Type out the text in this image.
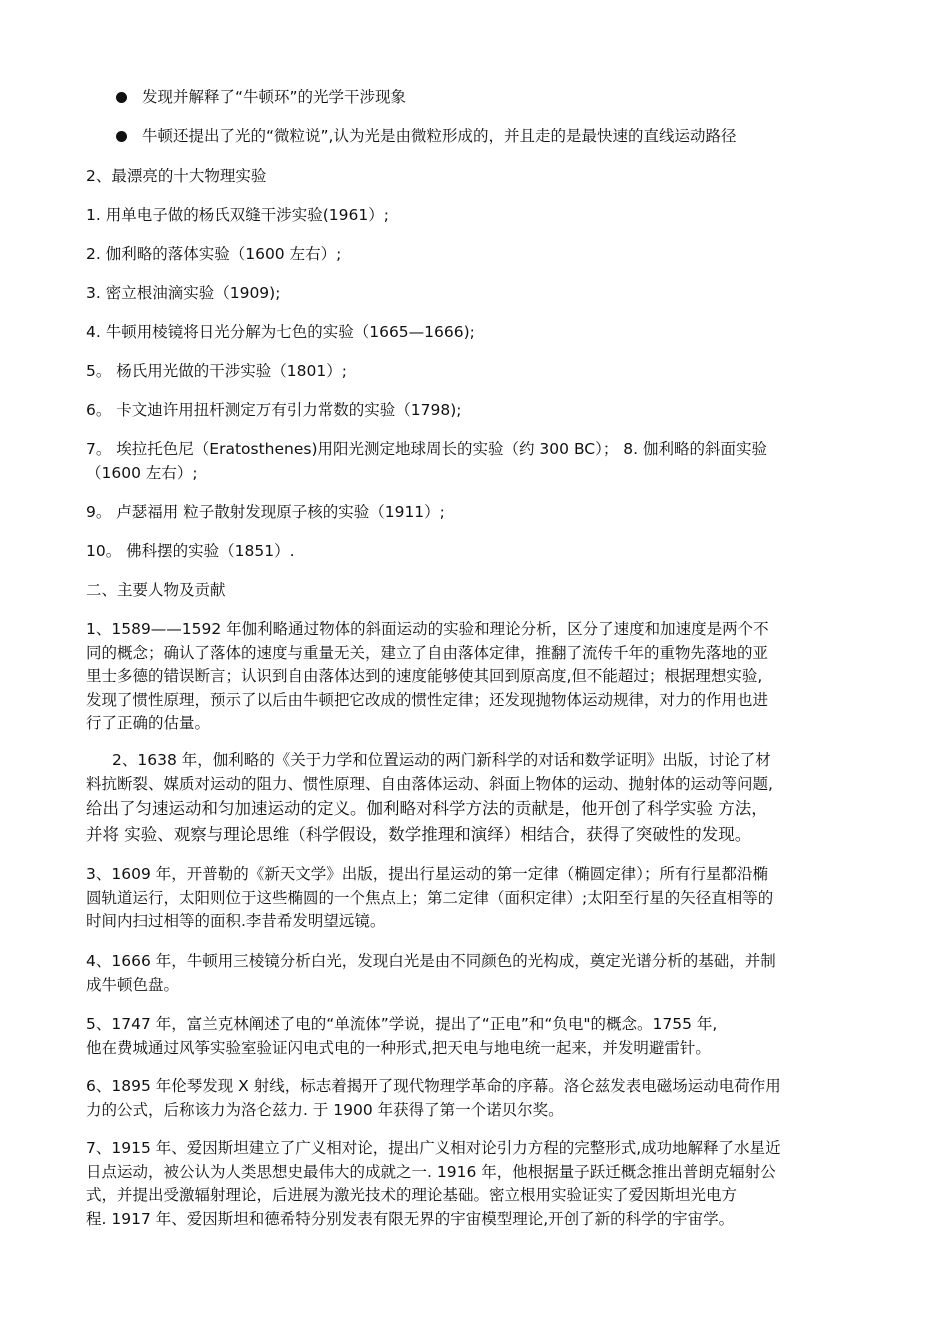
发现并解释了“牛顿环”的光学干涉现象
牛顿还提出了光的“微粒说”,认为光是由微粒形成的，并且走的是最快速的直线运动路径
2、最漂亮的十大物理实验
1. 用单电子做的杨氏双缝干涉实验(1961）;
2. 伽利略的落体实验（1600 左右）;
3. 密立根油滴实验（1909);
4. 牛顿用棱镜将日光分解为七色的实验（1665—1666);
5。 杨氏用光做的干涉实验（1801）;
6。 卡文迪许用扭杆测定万有引力常数的实验（1798);
7。 埃拉托色尼（Eratosthenes)用阳光测定地球周长的实验（约 300 BC）； 8. 伽利略的斜面实验
（1600 左右）;
9。 卢瑟福用 粒子散射发现原子核的实验（1911）;
10。 佛科摆的实验（1851）.
二、主要人物及贡献
1、1589——1592 年伽利略通过物体的斜面运动的实验和理论分析，区分了速度和加速度是两个不
同的概念；确认了落体的速度与重量无关，建立了自由落体定律，推翻了流传千年的重物先落地的亚
里士多德的错误断言；认识到自由落体达到的速度能够使其回到原高度,但不能超过；根据理想实验,
发现了惯性原理，预示了以后由牛顿把它改成的惯性定律；还发现抛物体运动规律，对力的作用也进
行了正确的估量。
2、1638 年，伽利略的《关于力学和位置运动的两门新科学的对话和数学证明》出版，讨论了材
料抗断裂、媒质对运动的阻力、惯性原理、自由落体运动、斜面上物体的运动、抛射体的运动等问题,
给出了匀速运动和匀加速运动的定义。伽利略对科学方法的贡献是，他开创了科学实验 方法，
并将 实验、观察与理论思维（科学假设，数学推理和演绎）相结合，获得了突破性的发现。
3、1609 年，开普勒的《新天文学》出版，提出行星运动的第一定律（椭圆定律）；所有行星都沿椭
圆轨道运行，太阳则位于这些椭圆的一个焦点上；第二定律（面积定律）;太阳至行星的矢径直相等的
时间内扫过相等的面积.李昔希发明望远镜。
4、1666 年，牛顿用三棱镜分析白光，发现白光是由不同颜色的光构成，奠定光谱分析的基础，并制
成牛顿色盘。
5、1747 年，富兰克林阐述了电的“单流体”学说，提出了“正电”和“负电"的概念。1755 年,
他在费城通过风筝实验室验证闪电式电的一种形式,把天电与地电统一起来，并发明避雷针。
6、1895 年伦琴发现 X 射线，标志着揭开了现代物理学革命的序幕。洛仑兹发表电磁场运动电荷作用
力的公式，后称该力为洛仑兹力. 于 1900 年获得了第一个诺贝尔奖。
7、1915 年、爱因斯坦建立了广义相对论，提出广义相对论引力方程的完整形式,成功地解释了水星近
日点运动，被公认为人类思想史最伟大的成就之一. 1916 年，他根据量子跃迁概念推出普朗克辐射公
式，并提出受激辐射理论，后进展为激光技术的理论基础。密立根用实验证实了爱因斯坦光电方
程. 1917 年、爱因斯坦和德希特分别发表有限无界的宇宙模型理论,开创了新的科学的宇宙学。
